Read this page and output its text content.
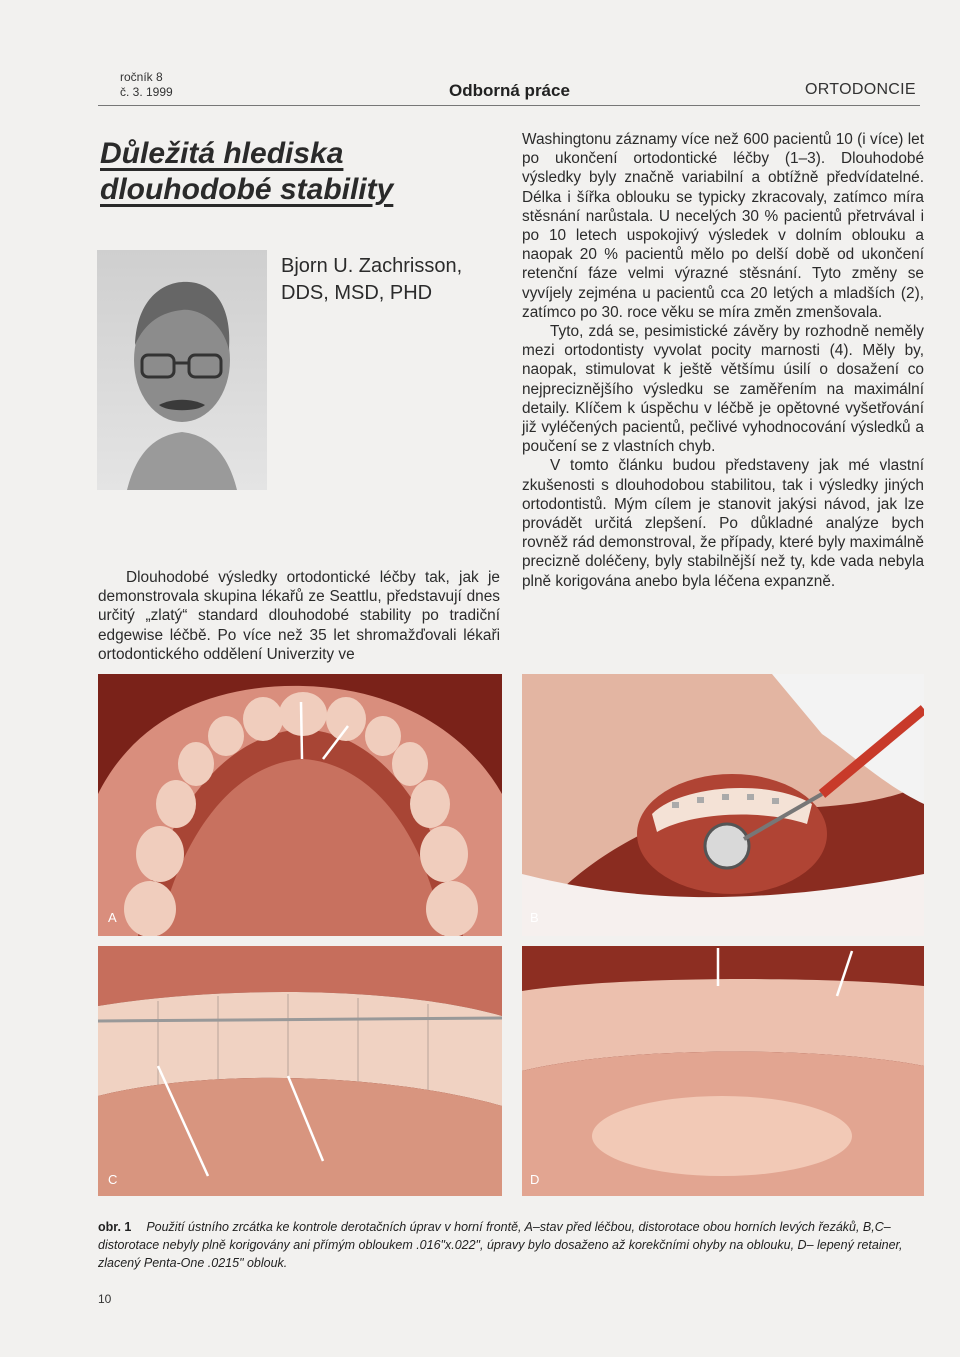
ročník 8
č. 3. 1999	Odborná práce	ORTODONCIE
Důležitá hlediska
dlouhodobé stability
Bjorn U. Zachrisson,
DDS, MSD, PHD

Dlouhodobé výsledky ortodontické léčby tak, jak je demonstrovala skupina lékařů ze Seattlu, představují dnes určitý „zlatý“ standard dlouhodobé stability po tradiční edgewise léčbě. Po více než 35 let shromažďovali lékaři ortodontického oddělení Univerzity ve

Washingtonu záznamy více než 600 pacientů 10 (i více) let po ukončení ortodontické léčby (1–3). Dlouhodobé výsledky byly značně variabilní a obtížně předvídatelné. Délka i šířka oblouku se typicky zkracovaly, zatímco míra stěsnání narůstala. U necelých 30 % pacientů přetrvával i po 10 letech uspokojivý výsledek v dolním oblouku a naopak 20 % pacientů mělo po delší době od ukončení retenční fáze velmi výrazné stěsnání. Tyto změny se vyvíjely zejména u pacientů cca 20 letých a mladších (2), zatímco po 30. roce věku se míra změn zmenšovala.

Tyto, zdá se, pesimistické závěry by rozhodně neměly mezi ortodontisty vyvolat pocity marnosti (4). Měly by, naopak, stimulovat k ještě většímu úsilí o dosažení co nejpreciznějšího výsledku se zaměřením na maximální detaily. Klíčem k úspěchu v léčbě je opětovné vyšetřování již vyléčených pacientů, pečlivé vyhodnocování výsledků a poučení se z vlastních chyb.

V tomto článku budou představeny jak mé vlastní zkušenosti s dlouhodobou stabilitou, tak i výsledky jiných ortodontistů. Mým cílem je stanovit jakýsi návod, jak lze provádět určitá zlepšení. Po důkladné analýze bych rovněž rád demonstroval, že případy, které byly maximálně precizně doléčeny, byly stabilnější než ty, kde vada nebyla plně korigována anebo byla léčena expanzně.

A	B
C	D
obr. 1 Použití ústního zrcátka ke kontrole derotačních úprav v horní frontě, A–stav před léčbou, distorotace obou horních levých řezáků, B,C– distorotace nebyly plně korigovány ani přímým obloukem .016"x.022", úpravy bylo dosaženo až korekčními ohyby na oblouku, D– lepený retainer, zlacený Penta-One .0215" oblouk.
10
